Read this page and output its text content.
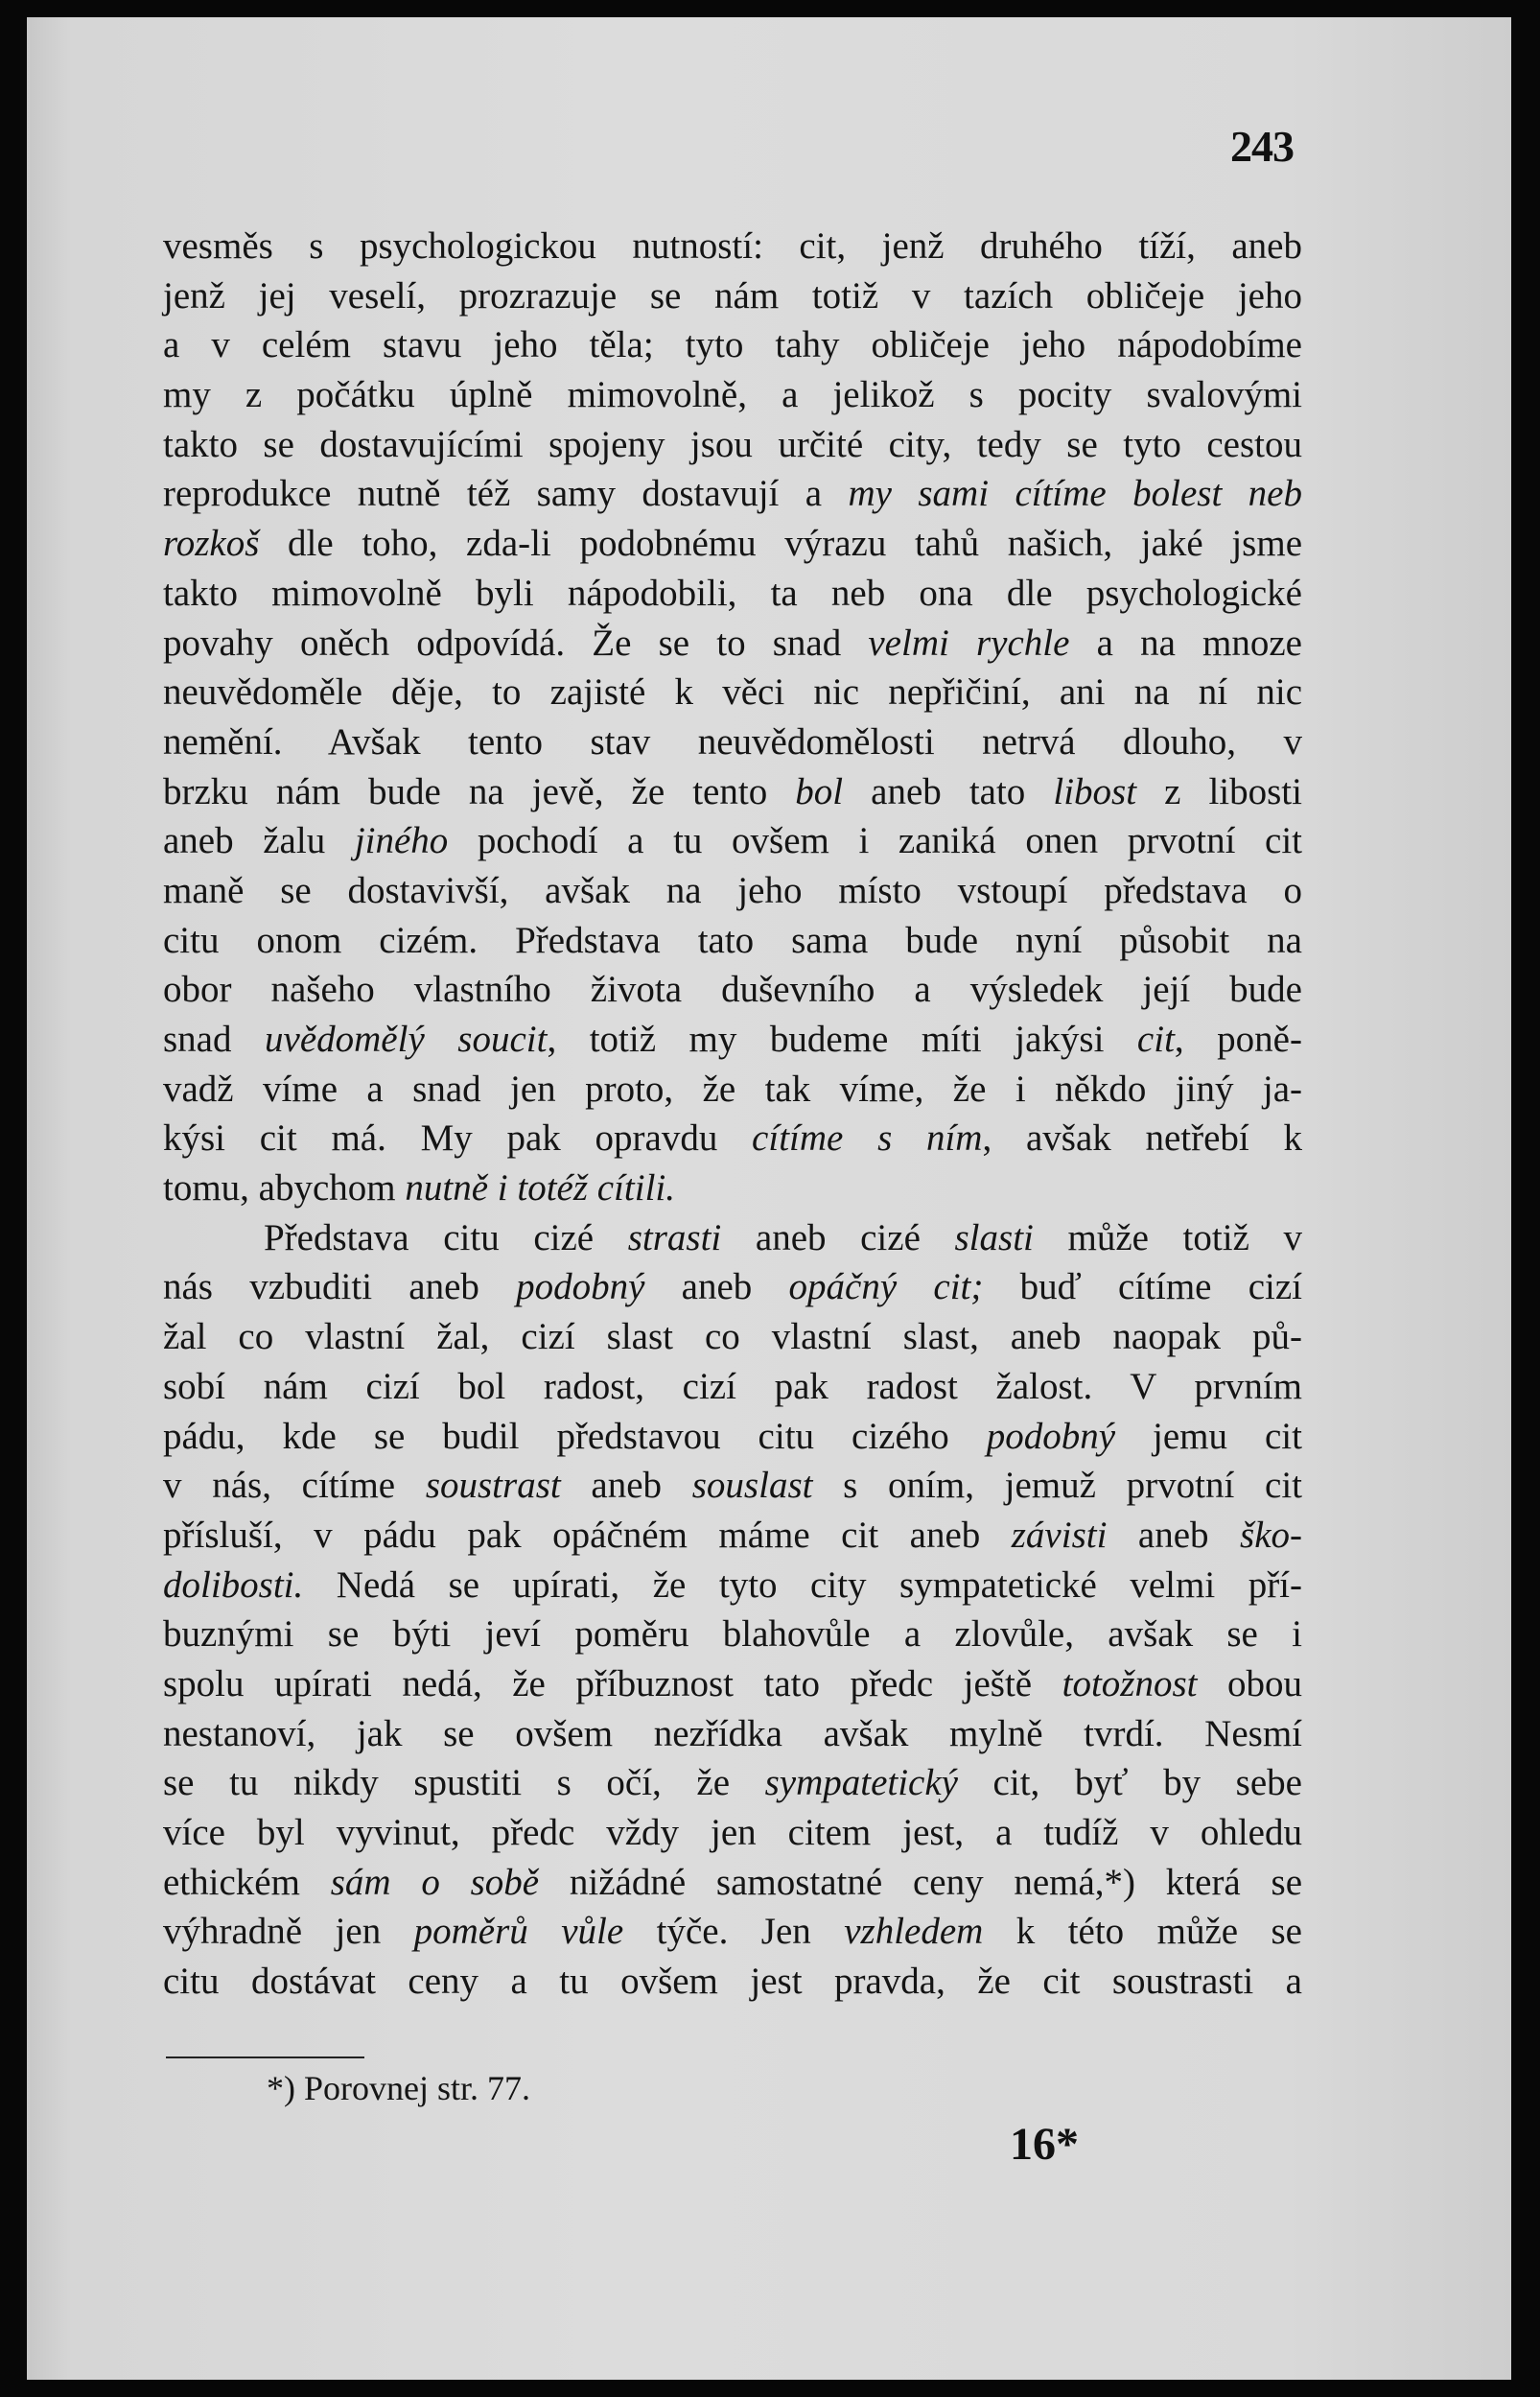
243
vesměs s psychologickou nutností: cit, jenž druhého tíží, aneb
jenž jej veselí, prozrazuje se nám totiž v tazích obličeje jeho
a v celém stavu jeho těla; tyto tahy obličeje jeho nápodobíme
my z počátku úplně mimovolně, a jelikož s pocity svalovými
takto se dostavujícími spojeny jsou určité city, tedy se tyto cestou
reprodukce nutně též samy dostavují a my sami cítíme bolest neb
rozkoš dle toho, zda-li podobnému výrazu tahů našich, jaké jsme
takto mimovolně byli nápodobili, ta neb ona dle psychologické
povahy oněch odpovídá. Že se to snad velmi rychle a na mnoze
neuvědoměle děje, to zajisté k věci nic nepřičiní, ani na ní nic
nemění. Avšak tento stav neuvědomělosti netrvá dlouho, v
brzku nám bude na jevě, že tento bol aneb tato libost z libosti
aneb žalu jiného pochodí a tu ovšem i zaniká onen prvotní cit
maně se dostavivší, avšak na jeho místo vstoupí představa o
citu onom cizém. Představa tato sama bude nyní působit na
obor našeho vlastního života duševního a výsledek její bude
snad uvědomělý soucit, totiž my budeme míti jakýsi cit, poně-
vadž víme a snad jen proto, že tak víme, že i někdo jiný ja-
kýsi cit má. My pak opravdu cítíme s ním, avšak netřebí k
tomu, abychom nutně i totéž cítili.
Představa citu cizé strasti aneb cizé slasti může totiž v
nás vzbuditi aneb podobný aneb opáčný cit; buď cítíme cizí
žal co vlastní žal, cizí slast co vlastní slast, aneb naopak pů-
sobí nám cizí bol radost, cizí pak radost žalost. V prvním
pádu, kde se budil představou citu cizého podobný jemu cit
v nás, cítíme soustrast aneb souslast s oním, jemuž prvotní cit
přísluší, v pádu pak opáčném máme cit aneb závisti aneb ško-
dolibosti. Nedá se upírati, že tyto city sympatetické velmi pří-
buznými se býti jeví poměru blahovůle a zlovůle, avšak se i
spolu upírati nedá, že příbuznost tato předc ještě totožnost obou
nestanoví, jak se ovšem nezřídka avšak mylně tvrdí. Nesmí
se tu nikdy spustiti s očí, že sympatetický cit, byť by sebe
více byl vyvinut, předc vždy jen citem jest, a tudíž v ohledu
ethickém sám o sobě nižádné samostatné ceny nemá,*) která se
výhradně jen poměrů vůle týče. Jen vzhledem k této může se
citu dostávat ceny a tu ovšem jest pravda, že cit soustrasti a
*) Porovnej str. 77.
16*
